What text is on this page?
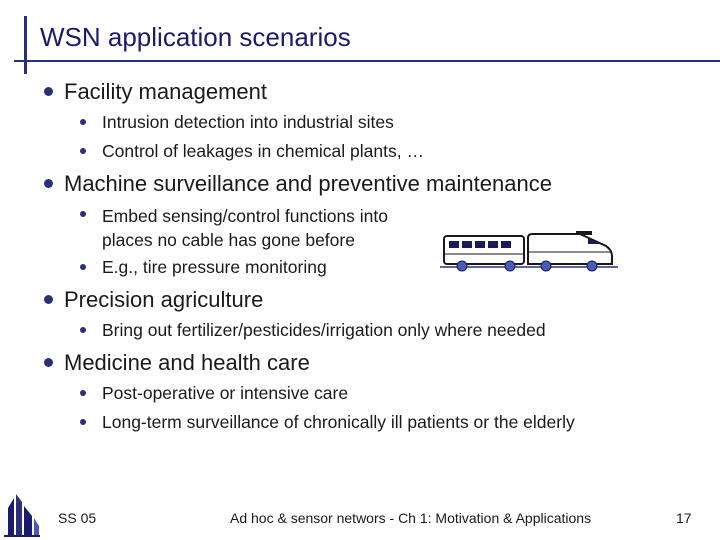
WSN application scenarios
Facility management
Intrusion detection into industrial sites
Control of leakages in chemical plants, …
Machine surveillance and preventive maintenance
Embed sensing/control functions into places no cable has gone before
E.g., tire pressure monitoring
Precision agriculture
Bring out fertilizer/pesticides/irrigation only where needed
Medicine and health care
Post-operative or intensive care
Long-term surveillance of chronically ill patients or the elderly
SS 05	Ad hoc & sensor networs - Ch 1: Motivation & Applications	17
